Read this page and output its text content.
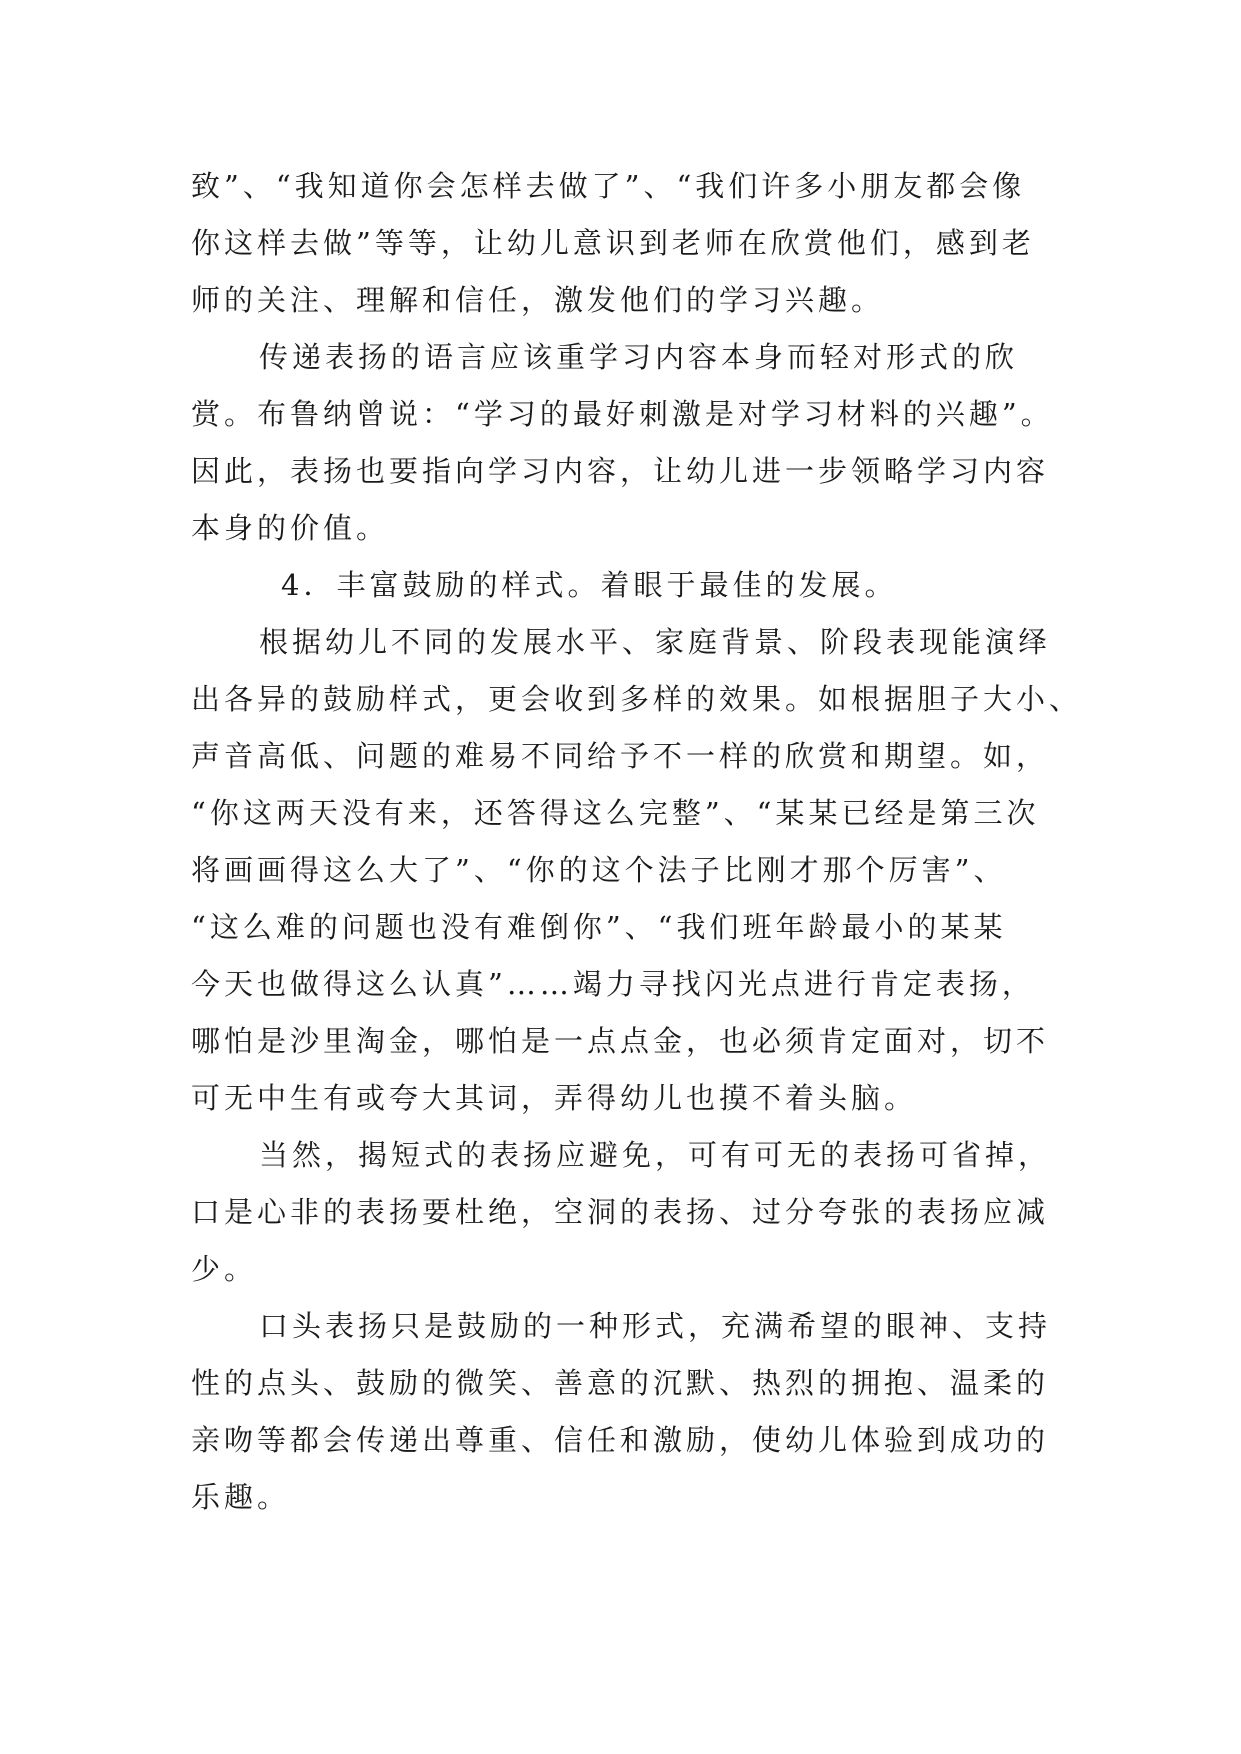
致”、“我知道你会怎样去做了”、“我们许多小朋友都会像
你这样去做”等等，让幼儿意识到老师在欣赏他们，感到老
师的关注、理解和信任，激发他们的学习兴趣。
传递表扬的语言应该重学习内容本身而轻对形式的欣
赏。布鲁纳曾说：“学习的最好刺激是对学习材料的兴趣”。
因此，表扬也要指向学习内容，让幼儿进一步领略学习内容
本身的价值。
4．丰富鼓励的样式。着眼于最佳的发展。
根据幼儿不同的发展水平、家庭背景、阶段表现能演绎
出各异的鼓励样式，更会收到多样的效果。如根据胆子大小、
声音高低、问题的难易不同给予不一样的欣赏和期望。如，
“你这两天没有来，还答得这么完整”、“某某已经是第三次
将画画得这么大了”、“你的这个法子比刚才那个厉害”、
“这么难的问题也没有难倒你”、“我们班年龄最小的某某
今天也做得这么认真”……竭力寻找闪光点进行肯定表扬，
哪怕是沙里淘金，哪怕是一点点金，也必须肯定面对，切不
可无中生有或夸大其词，弄得幼儿也摸不着头脑。
当然，揭短式的表扬应避免，可有可无的表扬可省掉，
口是心非的表扬要杜绝，空洞的表扬、过分夸张的表扬应减
少。
口头表扬只是鼓励的一种形式，充满希望的眼神、支持
性的点头、鼓励的微笑、善意的沉默、热烈的拥抱、温柔的
亲吻等都会传递出尊重、信任和激励，使幼儿体验到成功的
乐趣。
